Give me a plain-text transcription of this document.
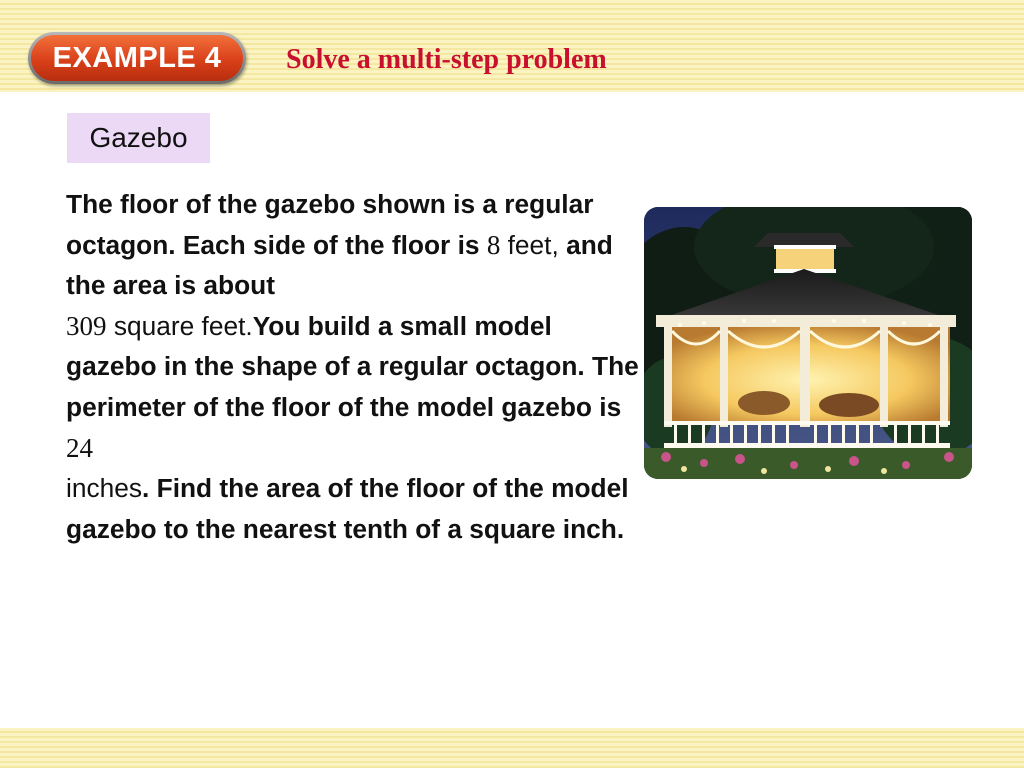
EXAMPLE 4 Solve a multi-step problem
Gazebo
The floor of the gazebo shown is a regular octagon. Each side of the floor is 8 feet, and the area is about
309 square feet.You build a small model gazebo in the shape of a regular octagon. The perimeter of the floor of the model gazebo is 24
inches. Find the area of the floor of the model gazebo to the nearest tenth of a square inch.
